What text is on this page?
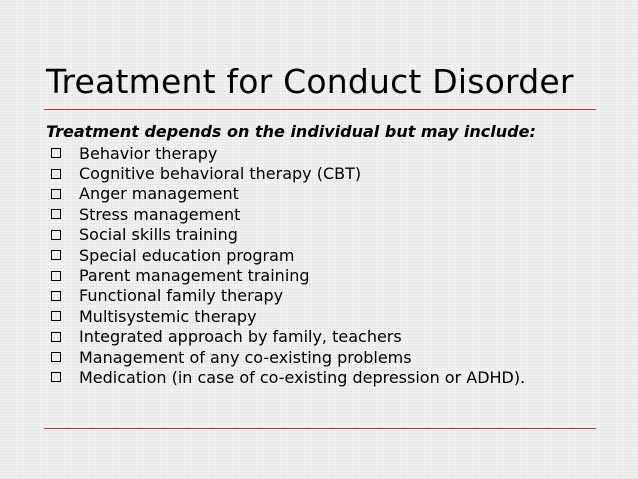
Treatment for Conduct Disorder

Treatment depends on the individual but may include:

Behavior therapy
Cognitive behavioral therapy (CBT)
Anger management
Stress management
Social skills training
Special education program
Parent management training
Functional family therapy
Multisystemic therapy
Integrated approach by family, teachers
Management of any co-existing problems
Medication (in case of co-existing depression or ADHD).
